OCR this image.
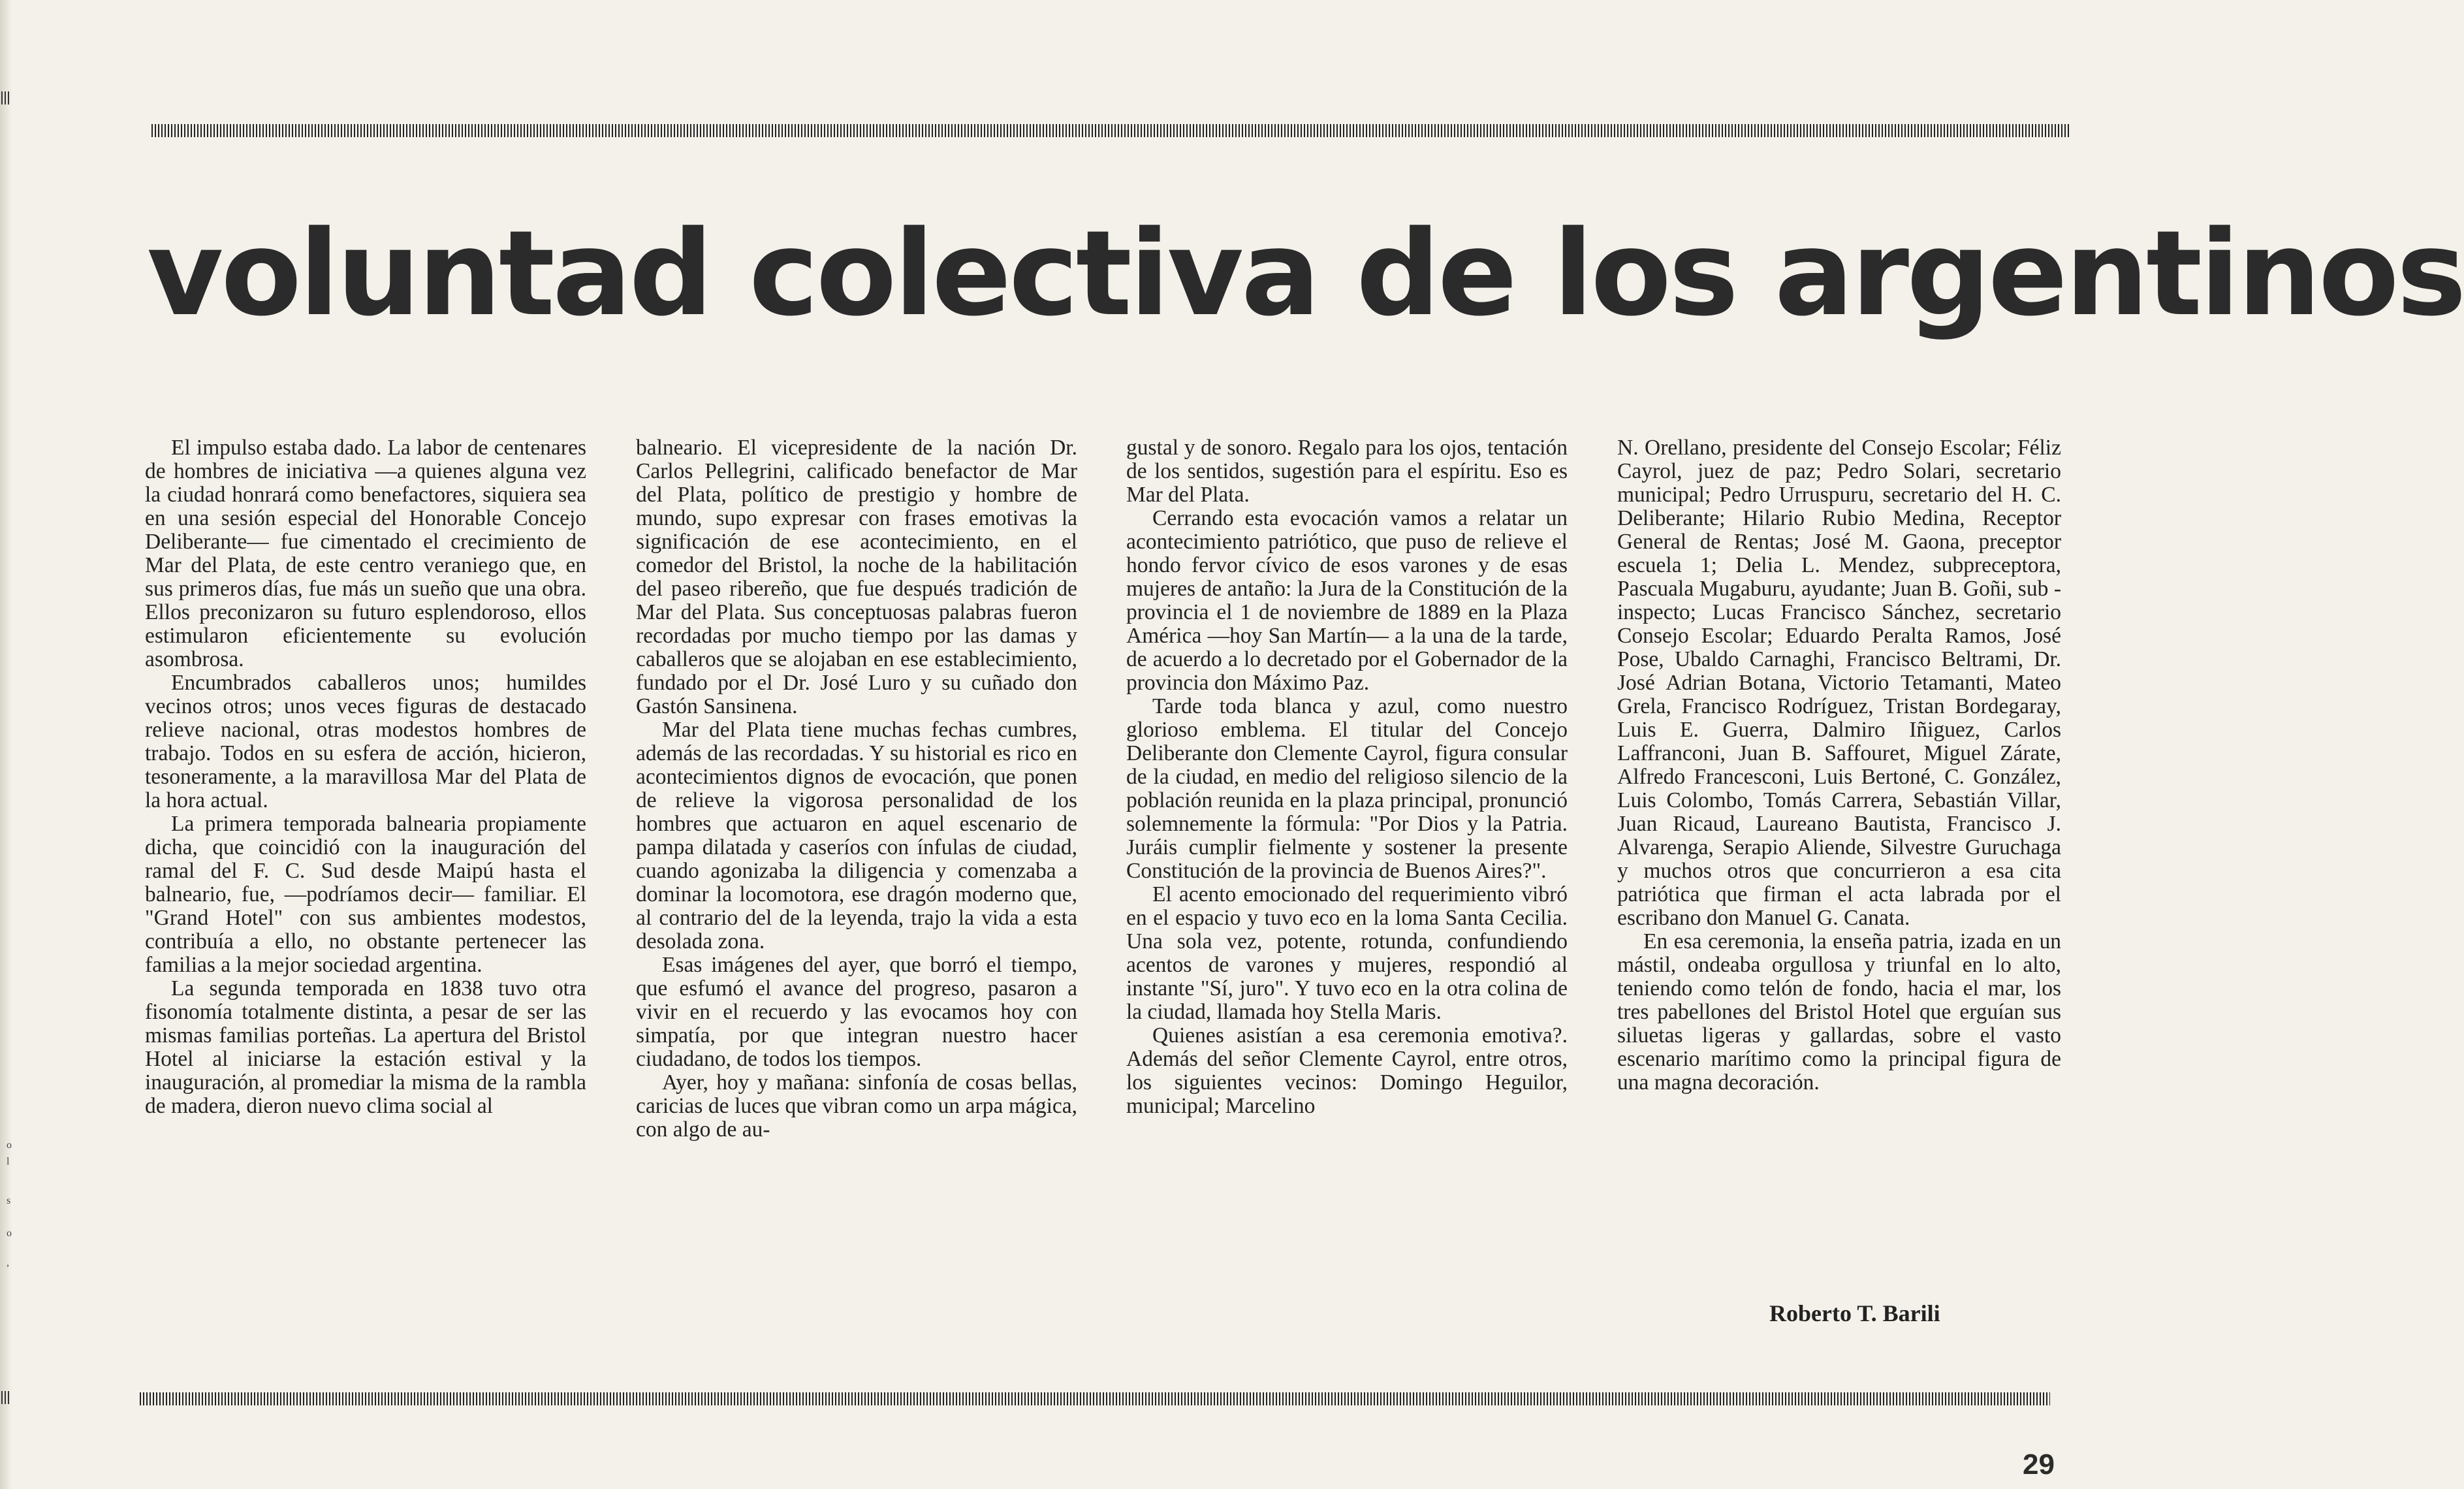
o
l
s
o
,
voluntad colectiva de los argentinos

El impulso estaba dado. La labor de centenares de hombres de iniciativa —a quienes alguna vez la ciudad honrará como benefactores, siquiera sea en una sesión especial del Honorable Concejo Deliberante— fue cimentado el crecimiento de Mar del Plata, de este centro veraniego que, en sus primeros días, fue más un sueño que una obra. Ellos preconizaron su futuro esplendoroso, ellos estimularon eficientemente su evolución asombrosa.

Encumbrados caballeros unos; humildes vecinos otros; unos veces figuras de destacado relieve nacional, otras modestos hombres de trabajo. Todos en su esfera de acción, hicieron, tesoneramente, a la maravillosa Mar del Plata de la hora actual.

La primera temporada balnearia propiamente dicha, que coincidió con la inauguración del ramal del F. C. Sud desde Maipú hasta el balneario, fue, —podríamos decir— familiar. El "Grand Hotel" con sus ambientes modestos, contribuía a ello, no obstante pertenecer las familias a la mejor sociedad argentina.

La segunda temporada en 1838 tuvo otra fisonomía totalmente distinta, a pesar de ser las mismas familias porteñas. La apertura del Bristol Hotel al iniciarse la estación estival y la inauguración, al promediar la misma de la rambla de madera, dieron nuevo clima social al

balneario. El vicepresidente de la nación Dr. Carlos Pellegrini, calificado benefactor de Mar del Plata, político de prestigio y hombre de mundo, supo expresar con frases emotivas la significación de ese acontecimiento, en el comedor del Bristol, la noche de la habilitación del paseo ribereño, que fue después tradición de Mar del Plata. Sus conceptuosas palabras fueron recordadas por mucho tiempo por las damas y caballeros que se alojaban en ese establecimiento, fundado por el Dr. José Luro y su cuñado don Gastón Sansinena.

Mar del Plata tiene muchas fechas cumbres, además de las recordadas. Y su historial es rico en acontecimientos dignos de evocación, que ponen de relieve la vigorosa personalidad de los hombres que actuaron en aquel escenario de pampa dilatada y caseríos con ínfulas de ciudad, cuando agonizaba la diligencia y comenzaba a dominar la locomotora, ese dragón moderno que, al contrario del de la leyenda, trajo la vida a esta desolada zona.

Esas imágenes del ayer, que borró el tiempo, que esfumó el avance del progreso, pasaron a vivir en el recuerdo y las evocamos hoy con simpatía, por que integran nuestro hacer ciudadano, de todos los tiempos.

Ayer, hoy y mañana: sinfonía de cosas bellas, caricias de luces que vibran como un arpa mágica, con algo de au-

gustal y de sonoro. Regalo para los ojos, tentación de los sentidos, sugestión para el espíritu. Eso es Mar del Plata.

Cerrando esta evocación vamos a relatar un acontecimiento patriótico, que puso de relieve el hondo fervor cívico de esos varones y de esas mujeres de antaño: la Jura de la Constitución de la provincia el 1 de noviembre de 1889 en la Plaza América —hoy San Martín— a la una de la tarde, de acuerdo a lo decretado por el Gobernador de la provincia don Máximo Paz.

Tarde toda blanca y azul, como nuestro glorioso emblema. El titular del Concejo Deliberante don Clemente Cayrol, figura consular de la ciudad, en medio del religioso silencio de la población reunida en la plaza principal, pronunció solemnemente la fórmula: "Por Dios y la Patria. Juráis cumplir fielmente y sostener la presente Constitución de la provincia de Buenos Aires?".

El acento emocionado del requerimiento vibró en el espacio y tuvo eco en la loma Santa Cecilia. Una sola vez, potente, rotunda, confundiendo acentos de varones y mujeres, respondió al instante "Sí, juro". Y tuvo eco en la otra colina de la ciudad, llamada hoy Stella Maris.

Quienes asistían a esa ceremonia emotiva?. Además del señor Clemente Cayrol, entre otros, los siguientes vecinos: Domingo Heguilor, municipal; Marcelino

N. Orellano, presidente del Consejo Escolar; Féliz Cayrol, juez de paz; Pedro Solari, secretario municipal; Pedro Urruspuru, secretario del H. C. Deliberante; Hilario Rubio Medina, Receptor General de Rentas; José M. Gaona, preceptor escuela 1; Delia L. Mendez, subpreceptora, Pascuala Mugaburu, ayudante; Juan B. Goñi, sub - inspecto; Lucas Francisco Sánchez, secretario Consejo Escolar; Eduardo Peralta Ramos, José Pose, Ubaldo Carnaghi, Francisco Beltrami, Dr. José Adrian Botana, Victorio Tetamanti, Mateo Grela, Francisco Rodríguez, Tristan Bordegaray, Luis E. Guerra, Dalmiro Iñiguez, Carlos Laffranconi, Juan B. Saffouret, Miguel Zárate, Alfredo Francesconi, Luis Bertoné, C. González, Luis Colombo, Tomás Carrera, Sebastián Villar, Juan Ricaud, Laureano Bautista, Francisco J. Alvarenga, Serapio Aliende, Silvestre Guruchaga y muchos otros que concurrieron a esa cita patriótica que firman el acta labrada por el escribano don Manuel G. Canata.

En esa ceremonia, la enseña patria, izada en un mástil, ondeaba orgullosa y triunfal en lo alto, teniendo como telón de fondo, hacia el mar, los tres pabellones del Bristol Hotel que erguían sus siluetas ligeras y gallardas, sobre el vasto escenario marítimo como la principal figura de una magna decoración.

Roberto T. Barili
29
